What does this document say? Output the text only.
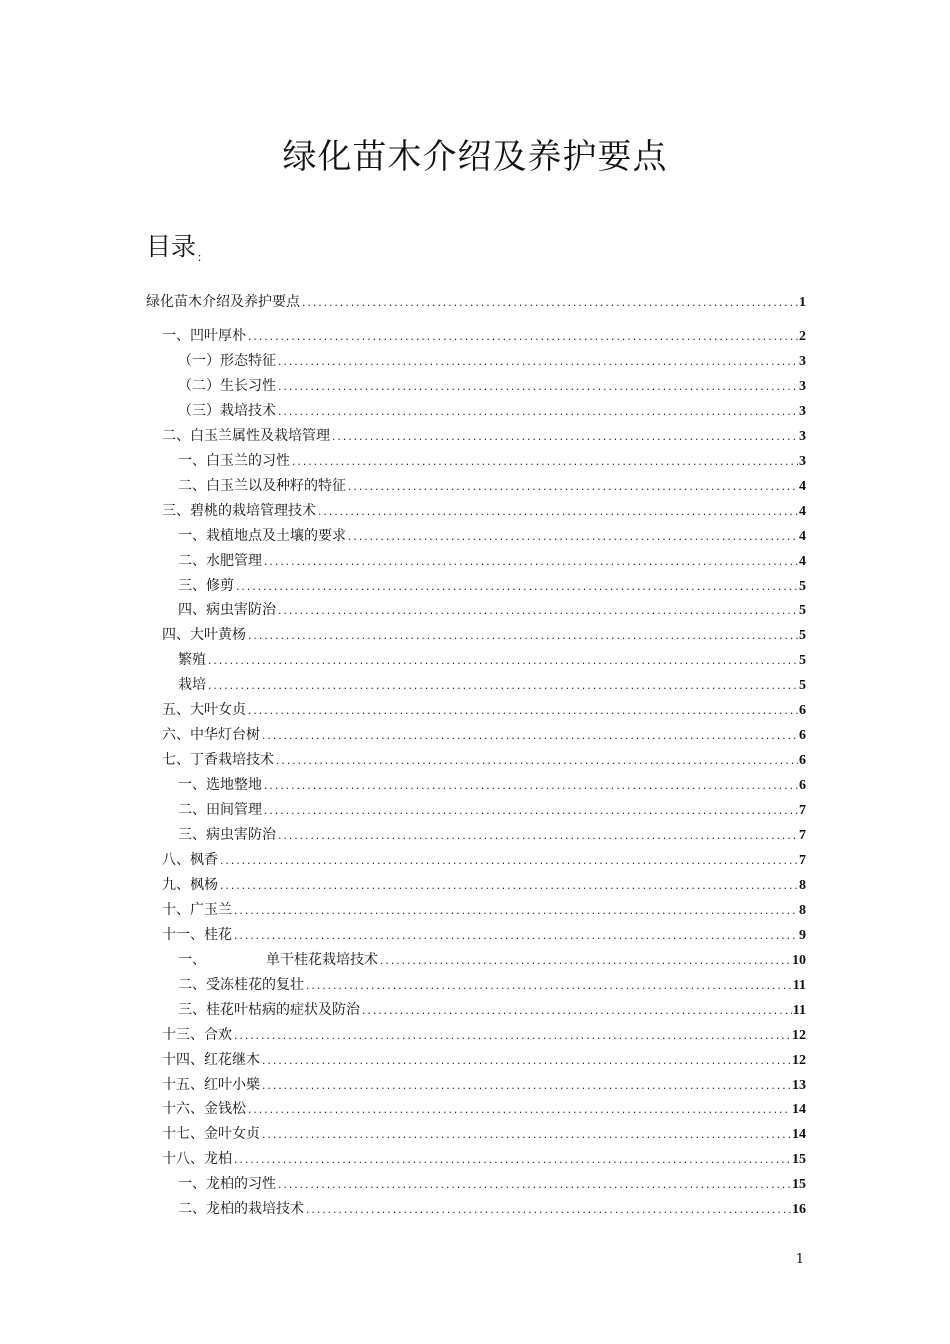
绿化苗木介绍及养护要点
目录$_:$
绿化苗木介绍及养护要点 .....	1
一、凹叶厚朴 .....	2
（一）形态特征 .....	3
（二）生长习性 .....	3
（三）栽培技术 .....	3
二、白玉兰属性及栽培管理 .....	3
一、白玉兰的习性 .....	3
二、白玉兰以及种籽的特征 .....	4
三、碧桃的栽培管理技术 .....	4
一、栽植地点及土壤的要求 .....	4
二、水肥管理 .....	4
三、修剪 .....	5
四、病虫害防治 .....	5
四、大叶黄杨 .....	5
繁殖 .....	5
栽培 .....	5
五、大叶女贞 .....	6
六、中华灯台树 .....	6
七、丁香栽培技术 .....	6
一、选地整地 .....	6
二、田间管理 .....	7
三、病虫害防治 .....	7
八、枫香 .....	7
九、枫杨 .....	8
十、广玉兰 .....	8
十一、桂花 .....	9
一、	单干桂花栽培技术 .....	10
二、受冻桂花的复壮 .....	11
三、桂花叶枯病的症状及防治 .....	11
十三、合欢 .....	12
十四、红花继木 .....	12
十五、红叶小檗 .....	13
十六、金钱松 .....	14
十七、金叶女贞 .....	14
十八、龙柏 .....	15
一、龙柏的习性 .....	15
二、龙柏的栽培技术 .....	16
1
